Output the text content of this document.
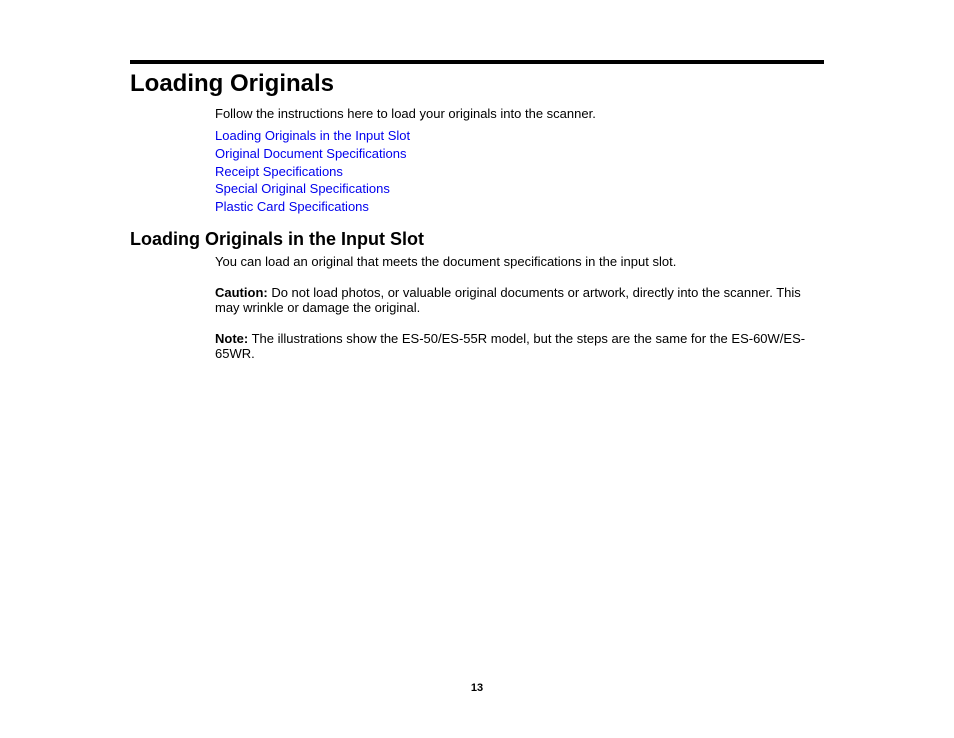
Loading Originals

Follow the instructions here to load your originals into the scanner.

Loading Originals in the Input Slot
Original Document Specifications
Receipt Specifications
Special Original Specifications
Plastic Card Specifications
Loading Originals in the Input Slot

You can load an original that meets the document specifications in the input slot.

Caution: Do not load photos, or valuable original documents or artwork, directly into the scanner. This may wrinkle or damage the original.

Note: The illustrations show the ES-50/ES-55R model, but the steps are the same for the ES-60W/ES-65WR.

13
